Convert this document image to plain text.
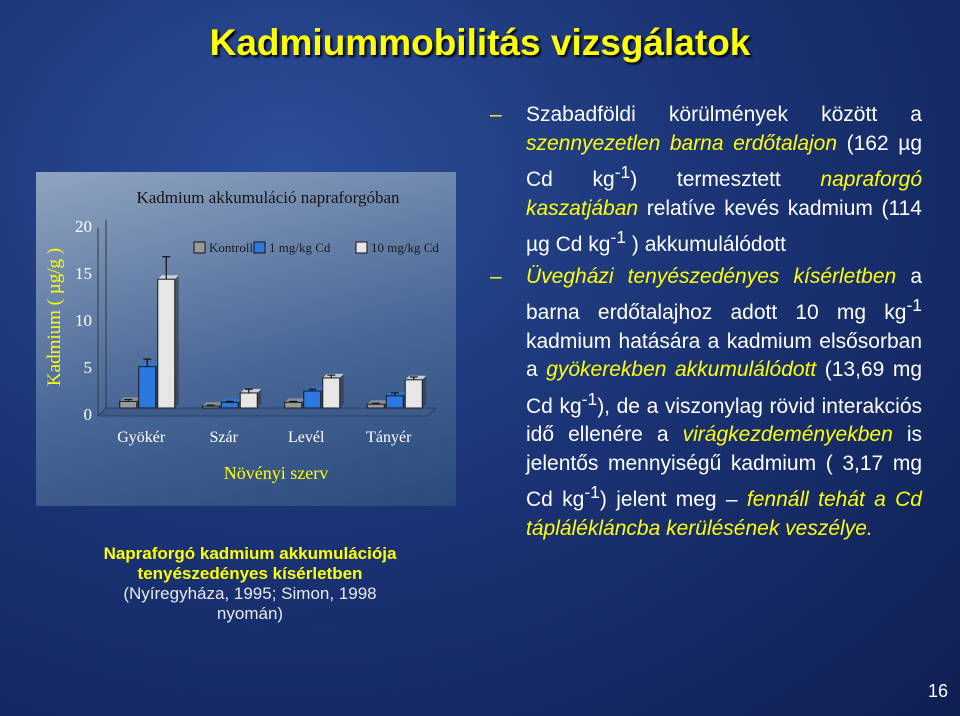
Kadmiummobilitás vizsgálatok
Kadmium akkumuláció napraforgóban
Kadmium ( µg/g )
Növényi szerv
0
5
10
15
20
Gyökér	Szár	Levél	Tányér
Kontroll 1 mg/kg Cd	10 mg/kg Cd
Napraforgó kadmium akkumulációja
tenyészedényes kísérletben
(Nyíregyháza, 1995; Simon, 1998
nyomán)
– Szabadföldi körülmények között a szennyezetlen barna erdőtalajon (162 µg Cd $kg^{-1}$) termesztett napraforgó kaszatjában relatíve kevés kadmium (114 µg Cd $kg^{-1}$ ) akkumulálódott
– Üvegházi tenyészedényes kísérletben a barna erdőtalajhoz adott 10 mg $kg^{-1}$ kadmium hatására a kadmium elsősorban a gyökerekben akkumulálódott (13,69 mg Cd $kg^{-1}$), de a viszonylag rövid interakciós idő ellenére a virágkezdeményekben is jelentős mennyiségű kadmium ( 3,17 mg Cd $kg^{-1}$) jelent meg – fennáll tehát a Cd táplálékláncba kerülésének veszélye.
16
